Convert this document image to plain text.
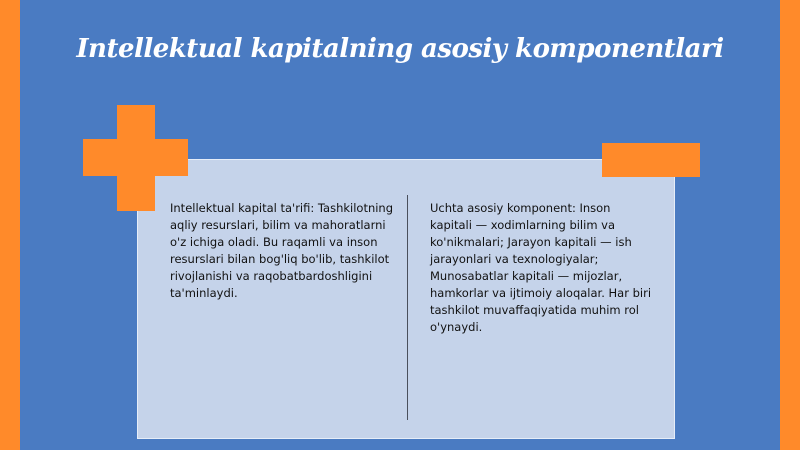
Intellektual kapitalning asosiy komponentlari
Intellektual kapital ta'rifi: Tashkilotning aqliy resurslari, bilim va mahoratlarni o'z ichiga oladi. Bu raqamli va inson resurslari bilan bog'liq bo'lib, tashkilot rivojlanishi va raqobatbardoshligini ta'minlaydi.
Uchta asosiy komponent: Inson kapitali — xodimlarning bilim va ko'nikmalari; Jarayon kapitali — ish jarayonlari va texnologiyalar; Munosabatlar kapitali — mijozlar, hamkorlar va ijtimoiy aloqalar. Har biri tashkilot muvaffaqiyatida muhim rol o'ynaydi.
